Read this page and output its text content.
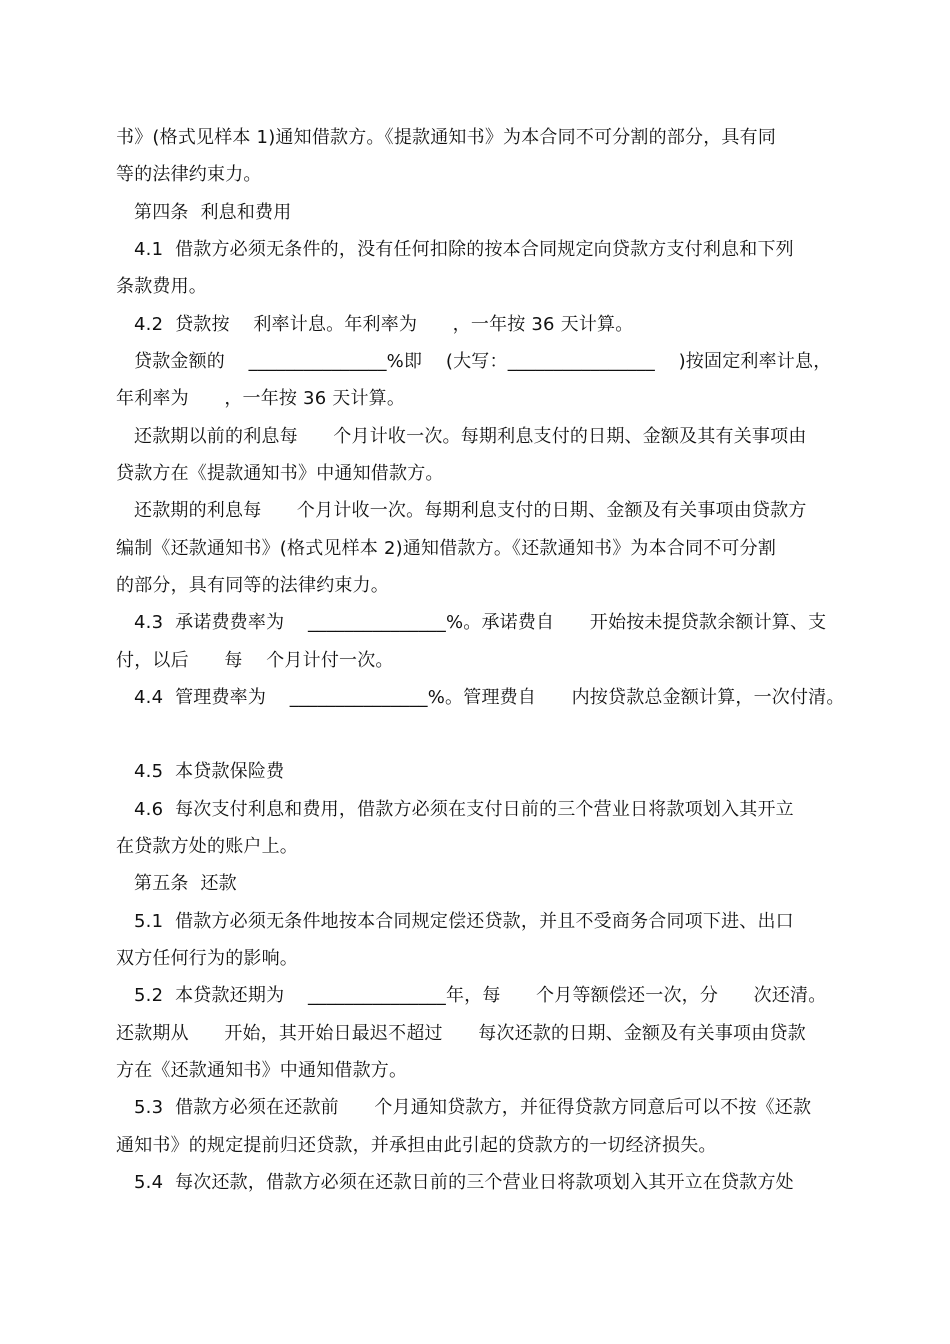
书》(格式见样本 1)通知借款方。《提款通知书》为本合同不可分割的部分，具有同
等的法律约束力。
第四条  利息和费用
4.1  借款方必须无条件的，没有任何扣除的按本合同规定向贷款方支付利息和下列
条款费用。
4.2  贷款按    利率计息。年利率为      ，一年按 36 天计算。
贷款金额的    _______________%即    (大写：________________    )按固定利率计息，
年利率为      ，一年按 36 天计算。
还款期以前的利息每      个月计收一次。每期利息支付的日期、金额及其有关事项由
贷款方在《提款通知书》中通知借款方。
还款期的利息每      个月计收一次。每期利息支付的日期、金额及有关事项由贷款方
编制《还款通知书》(格式见样本 2)通知借款方。《还款通知书》为本合同不可分割
的部分，具有同等的法律约束力。
4.3  承诺费费率为    _______________%。承诺费自      开始按未提贷款余额计算、支
付，以后      每    个月计付一次。
4.4  管理费率为    _______________%。管理费自      内按贷款总金额计算，一次付清。
4.5  本贷款保险费
4.6  每次支付利息和费用，借款方必须在支付日前的三个营业日将款项划入其开立
在贷款方处的账户上。
第五条  还款
5.1  借款方必须无条件地按本合同规定偿还贷款，并且不受商务合同项下进、出口
双方任何行为的影响。
5.2  本贷款还期为    _______________年，每      个月等额偿还一次，分      次还清。
还款期从      开始，其开始日最迟不超过      每次还款的日期、金额及有关事项由贷款
方在《还款通知书》中通知借款方。
5.3  借款方必须在还款前      个月通知贷款方，并征得贷款方同意后可以不按《还款
通知书》的规定提前归还贷款，并承担由此引起的贷款方的一切经济损失。
5.4  每次还款，借款方必须在还款日前的三个营业日将款项划入其开立在贷款方处
